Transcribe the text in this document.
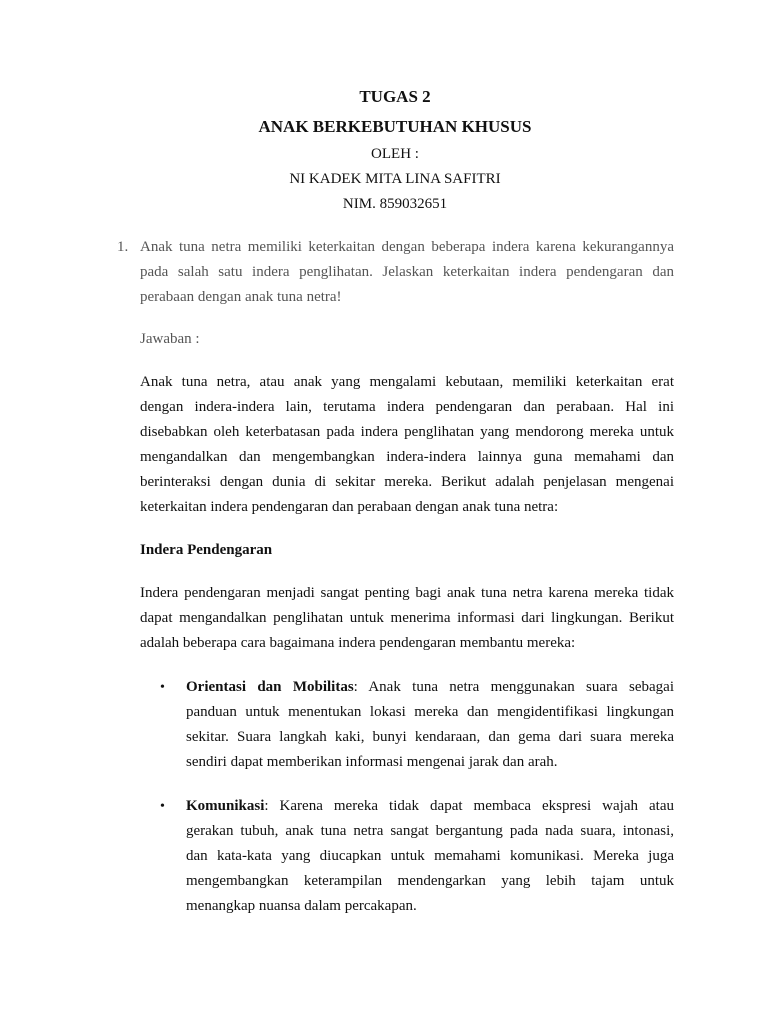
TUGAS 2
ANAK BERKEBUTUHAN KHUSUS
OLEH :
NI KADEK MITA LINA SAFITRI
NIM. 859032651
1. Anak tuna netra memiliki keterkaitan dengan beberapa indera karena kekurangannya
pada salah satu indera penglihatan. Jelaskan keterkaitan indera pendengaran dan
perabaan dengan anak tuna netra!
Jawaban :
Anak tuna netra, atau anak yang mengalami kebutaan, memiliki keterkaitan erat
dengan indera-indera lain, terutama indera pendengaran dan perabaan. Hal ini
disebabkan oleh keterbatasan pada indera penglihatan yang mendorong mereka untuk
mengandalkan dan mengembangkan indera-indera lainnya guna memahami dan
berinteraksi dengan dunia di sekitar mereka. Berikut adalah penjelasan mengenai
keterkaitan indera pendengaran dan perabaan dengan anak tuna netra:
Indera Pendengaran
Indera pendengaran menjadi sangat penting bagi anak tuna netra karena mereka tidak
dapat mengandalkan penglihatan untuk menerima informasi dari lingkungan. Berikut
adalah beberapa cara bagaimana indera pendengaran membantu mereka:
• Orientasi dan Mobilitas: Anak tuna netra menggunakan suara sebagai
panduan untuk menentukan lokasi mereka dan mengidentifikasi lingkungan
sekitar. Suara langkah kaki, bunyi kendaraan, dan gema dari suara mereka
sendiri dapat memberikan informasi mengenai jarak dan arah.
• Komunikasi: Karena mereka tidak dapat membaca ekspresi wajah atau
gerakan tubuh, anak tuna netra sangat bergantung pada nada suara, intonasi,
dan kata-kata yang diucapkan untuk memahami komunikasi. Mereka juga
mengembangkan keterampilan mendengarkan yang lebih tajam untuk
menangkap nuansa dalam percakapan.
